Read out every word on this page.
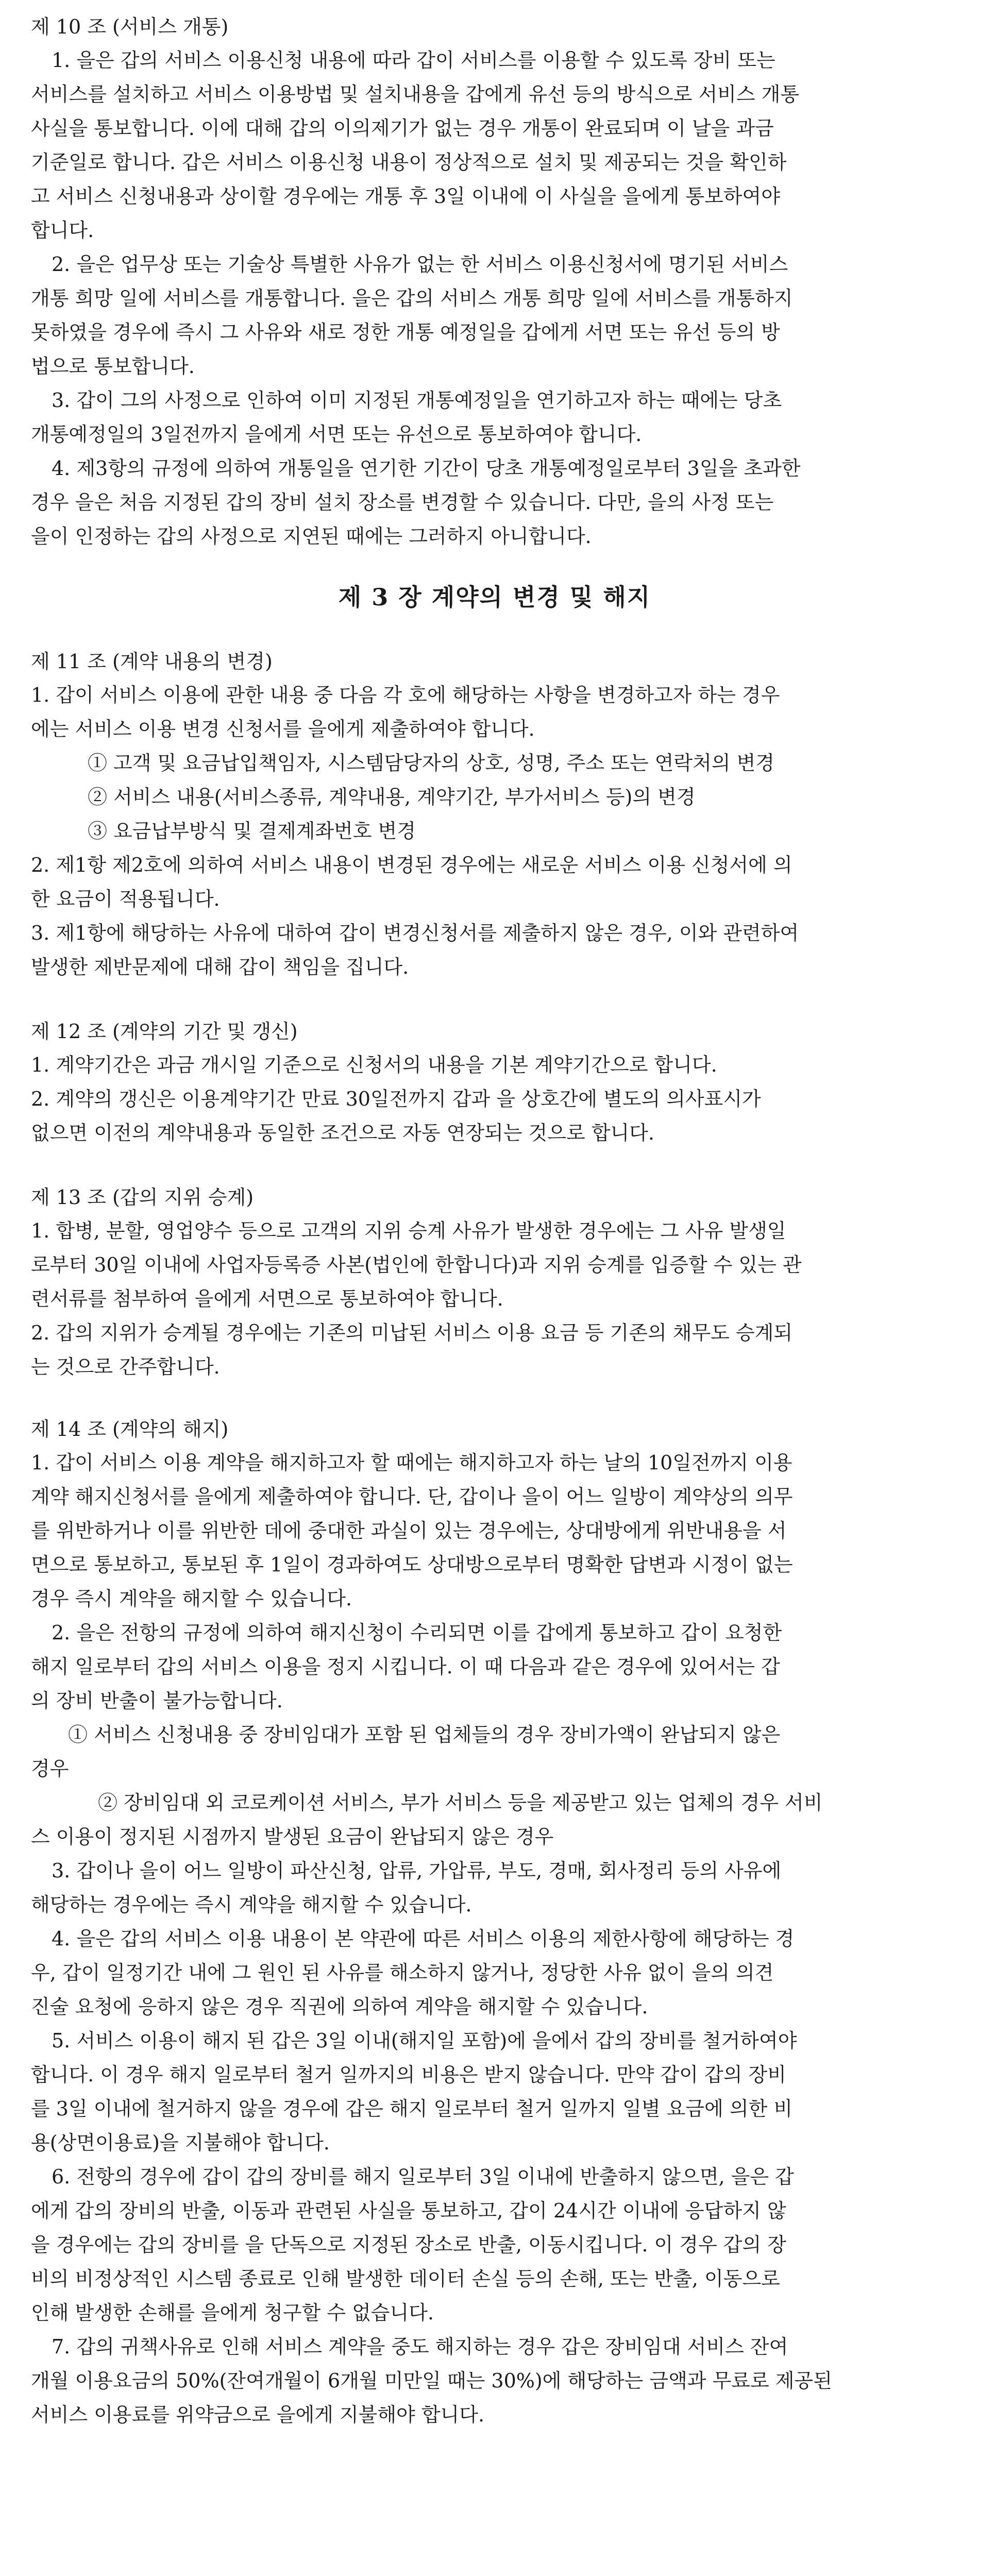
제 10 조 (서비스 개통)

1. 을은 갑의 서비스 이용신청 내용에 따라 갑이 서비스를 이용할 수 있도록 장비 또는

서비스를 설치하고 서비스 이용방법 및 설치내용을 갑에게 유선 등의 방식으로 서비스 개통

사실을 통보합니다. 이에 대해 갑의 이의제기가 없는 경우 개통이 완료되며 이 날을 과금

기준일로 합니다. 갑은 서비스 이용신청 내용이 정상적으로 설치 및 제공되는 것을 확인하

고 서비스 신청내용과 상이할 경우에는 개통 후 3일 이내에 이 사실을 을에게 통보하여야

합니다.

2. 을은 업무상 또는 기술상 특별한 사유가 없는 한 서비스 이용신청서에 명기된 서비스

개통 희망 일에 서비스를 개통합니다. 을은 갑의 서비스 개통 희망 일에 서비스를 개통하지

못하였을 경우에 즉시 그 사유와 새로 정한 개통 예정일을 갑에게 서면 또는 유선 등의 방

법으로 통보합니다.

3. 갑이 그의 사정으로 인하여 이미 지정된 개통예정일을 연기하고자 하는 때에는 당초

개통예정일의 3일전까지 을에게 서면 또는 유선으로 통보하여야 합니다.

4. 제3항의 규정에 의하여 개통일을 연기한 기간이 당초 개통예정일로부터 3일을 초과한

경우 을은 처음 지정된 갑의 장비 설치 장소를 변경할 수 있습니다. 다만, 을의 사정 또는

을이 인정하는 갑의 사정으로 지연된 때에는 그러하지 아니합니다.

제 3 장 계약의 변경 및 해지

제 11 조 (계약 내용의 변경)

1. 갑이 서비스 이용에 관한 내용 중 다음 각 호에 해당하는 사항을 변경하고자 하는 경우

에는 서비스 이용 변경 신청서를 을에게 제출하여야 합니다.

① 고객 및 요금납입책임자, 시스템담당자의 상호, 성명, 주소 또는 연락처의 변경

② 서비스 내용(서비스종류, 계약내용, 계약기간, 부가서비스 등)의 변경

③ 요금납부방식 및 결제계좌번호 변경

2. 제1항 제2호에 의하여 서비스 내용이 변경된 경우에는 새로운 서비스 이용 신청서에 의

한 요금이 적용됩니다.

3. 제1항에 해당하는 사유에 대하여 갑이 변경신청서를 제출하지 않은 경우, 이와 관련하여

발생한 제반문제에 대해 갑이 책임을 집니다.

제 12 조 (계약의 기간 및 갱신)

1. 계약기간은 과금 개시일 기준으로 신청서의 내용을 기본 계약기간으로 합니다.

2. 계약의 갱신은 이용계약기간 만료 30일전까지 갑과 을 상호간에 별도의 의사표시가

없으면 이전의 계약내용과 동일한 조건으로 자동 연장되는 것으로 합니다.

제 13 조 (갑의 지위 승계)

1. 합병, 분할, 영업양수 등으로 고객의 지위 승계 사유가 발생한 경우에는 그 사유 발생일

로부터 30일 이내에 사업자등록증 사본(법인에 한합니다)과 지위 승계를 입증할 수 있는 관

련서류를 첨부하여 을에게 서면으로 통보하여야 합니다.

2. 갑의 지위가 승계될 경우에는 기존의 미납된 서비스 이용 요금 등 기존의 채무도 승계되

는 것으로 간주합니다.

제 14 조 (계약의 해지)

1. 갑이 서비스 이용 계약을 해지하고자 할 때에는 해지하고자 하는 날의 10일전까지 이용

계약 해지신청서를 을에게 제출하여야 합니다. 단, 갑이나 을이 어느 일방이 계약상의 의무

를 위반하거나 이를 위반한 데에 중대한 과실이 있는 경우에는, 상대방에게 위반내용을 서

면으로 통보하고, 통보된 후 1일이 경과하여도 상대방으로부터 명확한 답변과 시정이 없는

경우 즉시 계약을 해지할 수 있습니다.

2. 을은 전항의 규정에 의하여 해지신청이 수리되면 이를 갑에게 통보하고 갑이 요청한

해지 일로부터 갑의 서비스 이용을 정지 시킵니다. 이 때 다음과 같은 경우에 있어서는 갑

의 장비 반출이 불가능합니다.

① 서비스 신청내용 중 장비임대가 포함 된 업체들의 경우 장비가액이 완납되지 않은

경우

② 장비임대 외 코로케이션 서비스, 부가 서비스 등을 제공받고 있는 업체의 경우 서비

스 이용이 정지된 시점까지 발생된 요금이 완납되지 않은 경우

3. 갑이나 을이 어느 일방이 파산신청, 압류, 가압류, 부도, 경매, 회사정리 등의 사유에

해당하는 경우에는 즉시 계약을 해지할 수 있습니다.

4. 을은 갑의 서비스 이용 내용이 본 약관에 따른 서비스 이용의 제한사항에 해당하는 경

우, 갑이 일정기간 내에 그 원인 된 사유를 해소하지 않거나, 정당한 사유 없이 을의 의견

진술 요청에 응하지 않은 경우 직권에 의하여 계약을 해지할 수 있습니다.

5. 서비스 이용이 해지 된 갑은 3일 이내(해지일 포함)에 을에서 갑의 장비를 철거하여야

합니다. 이 경우 해지 일로부터 철거 일까지의 비용은 받지 않습니다. 만약 갑이 갑의 장비

를 3일 이내에 철거하지 않을 경우에 갑은 해지 일로부터 철거 일까지 일별 요금에 의한 비

용(상면이용료)을 지불해야 합니다.

6. 전항의 경우에 갑이 갑의 장비를 해지 일로부터 3일 이내에 반출하지 않으면, 을은 갑

에게 갑의 장비의 반출, 이동과 관련된 사실을 통보하고, 갑이 24시간 이내에 응답하지 않

을 경우에는 갑의 장비를 을 단독으로 지정된 장소로 반출, 이동시킵니다. 이 경우 갑의 장

비의 비정상적인 시스템 종료로 인해 발생한 데이터 손실 등의 손해, 또는 반출, 이동으로

인해 발생한 손해를 을에게 청구할 수 없습니다.

7. 갑의 귀책사유로 인해 서비스 계약을 중도 해지하는 경우 갑은 장비임대 서비스 잔여

개월 이용요금의 50%(잔여개월이 6개월 미만일 때는 30%)에 해당하는 금액과 무료로 제공된

서비스 이용료를 위약금으로 을에게 지불해야 합니다.
